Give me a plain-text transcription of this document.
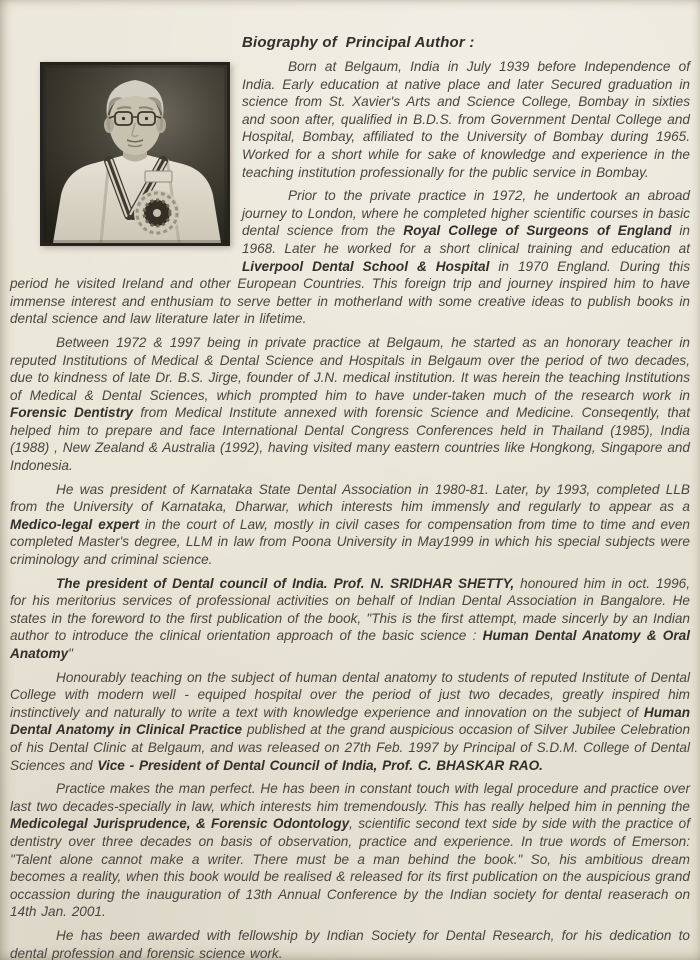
Biography of  Principal Author :

Born at Belgaum, India in July 1939 before Independence of India. Early education at native place and later Secured graduation in science from St. Xavier's Arts and Science College, Bombay in sixties and soon after, qualified in B.D.S. from Government Dental College and Hospital, Bombay, affiliated to the University of Bombay during 1965. Worked for a short while for sake of knowledge and experience in the teaching institution professionally for the public service in Bombay.

Prior to the private practice in 1972, he undertook an abroad journey to London, where he completed higher scientific courses in basic dental science from the Royal College of Surgeons of England in 1968. Later he worked for a short clinical training and education at Liverpool Dental School & Hospital in 1970 England. During this period he visited Ireland and other European Countries. This foreign trip and journey inspired him to have immense interest and enthusiam to serve better in motherland with some creative ideas to publish books in dental science and law literature later in lifetime.

Between 1972 & 1997 being in private practice at Belgaum, he started as an honorary teacher in reputed Institutions of Medical & Dental Science and Hospitals in Belgaum over the period of two decades, due to kindness of late Dr. B.S. Jirge, founder of J.N. medical institution. It was herein the teaching Institutions of Medical & Dental Sciences, which prompted him to have under-taken much of the research work in Forensic Dentistry from Medical Institute annexed with forensic Science and Medicine. Conseqently, that helped him to prepare and face International Dental Congress Conferences held in Thailand (1985), India (1988) , New Zealand & Australia (1992), having visited many eastern countries like Hongkong, Singapore and Indonesia.

He was president of Karnataka State Dental Association in 1980-81. Later, by 1993, completed LLB from the University of Karnataka, Dharwar, which interests him immensly and regularly to appear as a Medico-legal expert in the court of Law, mostly in civil cases for compensation from time to time and even completed Master's degree, LLM in law from Poona University in May1999 in which his special subjects were criminology and criminal science.

The president of Dental council of India. Prof. N. SRIDHAR SHETTY, honoured him in oct. 1996, for his meritorius services of professional activities on behalf of Indian Dental Association in Bangalore. He states in the foreword to the first publication of the book, "This is the first attempt, made sincerly by an Indian author to introduce the clinical orientation approach of the basic science : Human Dental Anatomy & Oral Anatomy"

Honourably teaching on the subject of human dental anatomy to students of reputed Institute of Dental College with modern well - equiped hospital over the period of just two decades, greatly inspired him instinctively and naturally to write a text with knowledge experience and innovation on the subject of Human Dental Anatomy in Clinical Practice published at the grand auspicious occasion of Silver Jubilee Celebration of his Dental Clinic at Belgaum, and was released on 27th Feb. 1997 by Principal of S.D.M. College of Dental Sciences and Vice - President of Dental Council of India, Prof. C. BHASKAR RAO.

Practice makes the man perfect. He has been in constant touch with legal procedure and practice over last two decades-specially in law, which interests him tremendously. This has really helped him in penning the Medicolegal Jurisprudence, & Forensic Odontology, scientific second text side by side with the practice of dentistry over three decades on basis of observation, practice and experience. In true words of Emerson: "Talent alone cannot make a writer. There must be a man behind the book." So, his ambitious dream becomes a reality, when this book would be realised & released for its first publication on the auspicious grand occassion during the inauguration of 13th Annual Conference by the Indian society for dental reaserach on 14th Jan. 2001.

He has been awarded with fellowship by Indian Society for Dental Research, for his dedication to dental profession and forensic science work.
